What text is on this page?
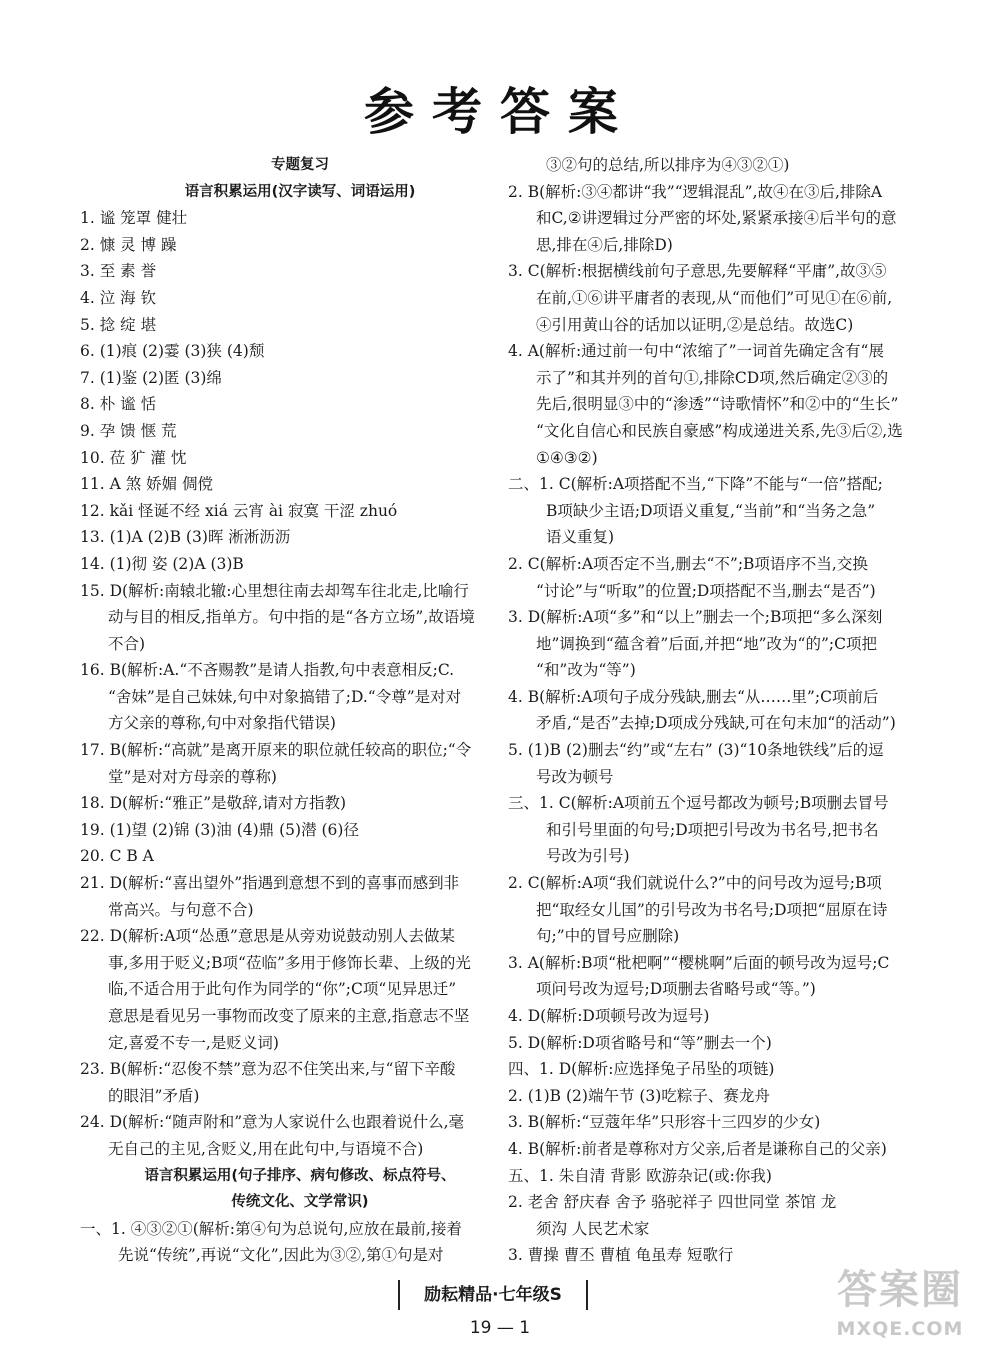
参考答案
专题复习
语言积累运用(汉字读写、词语运用)
1. 谧 笼罩 健壮
2. 慷 灵 博 躁
3. 至 素 誉
4. 泣 海 钦
5. 捻 绽 堪
6. (1)痕 (2)霎 (3)狭 (4)颓
7. (1)鉴 (2)匿 (3)绵
8. 朴 谧 恬
9. 孕 馈 惬 荒
10. 莅 犷 灌 忱
11. A 煞 娇媚 倜傥
12. kǎi 怪诞不经 xiá 云宵 ài 寂寞 干涩 zhuó
13. (1)A (2)B (3)晖 淅淅沥沥
14. (1)彻 姿 (2)A (3)B
15. D(解析:南辕北辙:心里想往南去却驾车往北走,比喻行
动与目的相反,指单方。句中指的是“各方立场”,故语境
不合)
16. B(解析:A.“不吝赐教”是请人指教,句中表意相反;C.
“舍妹”是自己妹妹,句中对象搞错了;D.“令尊”是对对
方父亲的尊称,句中对象指代错误)
17. B(解析:“高就”是离开原来的职位就任较高的职位;“令
堂”是对对方母亲的尊称)
18. D(解析:“雅正”是敬辞,请对方指教)
19. (1)望 (2)锦 (3)油 (4)鼎 (5)潜 (6)径
20. C B A
21. D(解析:“喜出望外”指遇到意想不到的喜事而感到非
常高兴。与句意不合)
22. D(解析:A项“怂恿”意思是从旁劝说鼓动别人去做某
事,多用于贬义;B项“莅临”多用于修饰长辈、上级的光
临,不适合用于此句作为同学的“你”;C项“见异思迁”
意思是看见另一事物而改变了原来的主意,指意志不坚
定,喜爱不专一,是贬义词)
23. B(解析:“忍俊不禁”意为忍不住笑出来,与“留下辛酸
的眼泪”矛盾)
24. D(解析:“随声附和”意为人家说什么也跟着说什么,毫
无自己的主见,含贬义,用在此句中,与语境不合)
语言积累运用(句子排序、病句修改、标点符号、
传统文化、文学常识)
一、1. ④③②①(解析:第④句为总说句,应放在最前,接着
先说“传统”,再说“文化”,因此为③②,第①句是对
③②句的总结,所以排序为④③②①)
2. B(解析:③④都讲“我”“逻辑混乱”,故④在③后,排除A
和C,②讲逻辑过分严密的坏处,紧紧承接④后半句的意
思,排在④后,排除D)
3. C(解析:根据横线前句子意思,先要解释“平庸”,故③⑤
在前,①⑥讲平庸者的表现,从“而他们”可见①在⑥前,
④引用黄山谷的话加以证明,②是总结。故选C)
4. A(解析:通过前一句中“浓缩了”一词首先确定含有“展
示了”和其并列的首句①,排除CD项,然后确定②③的
先后,很明显③中的“渗透”“诗歌情怀”和②中的“生长”
“文化自信心和民族自豪感”构成递进关系,先③后②,选
①④③②)
二、1. C(解析:A项搭配不当,“下降”不能与“一倍”搭配;
B项缺少主语;D项语义重复,“当前”和“当务之急”
语义重复)
2. C(解析:A项否定不当,删去“不”;B项语序不当,交换
“讨论”与“听取”的位置;D项搭配不当,删去“是否”)
3. D(解析:A项“多”和“以上”删去一个;B项把“多么深刻
地”调换到“蕴含着”后面,并把“地”改为“的”;C项把
“和”改为“等”)
4. B(解析:A项句子成分残缺,删去“从……里”;C项前后
矛盾,“是否”去掉;D项成分残缺,可在句末加“的活动”)
5. (1)B (2)删去“约”或“左右” (3)“10条地铁线”后的逗
号改为顿号
三、1. C(解析:A项前五个逗号都改为顿号;B项删去冒号
和引号里面的句号;D项把引号改为书名号,把书名
号改为引号)
2. C(解析:A项“我们就说什么?”中的问号改为逗号;B项
把“取经女儿国”的引号改为书名号;D项把“屈原在诗
句;”中的冒号应删除)
3. A(解析:B项“枇杷啊”“樱桃啊”后面的顿号改为逗号;C
项问号改为逗号;D项删去省略号或“等。”)
4. D(解析:D项顿号改为逗号)
5. D(解析:D项省略号和“等”删去一个)
四、1. D(解析:应选择兔子吊坠的项链)
2. (1)B (2)端午节 (3)吃粽子、赛龙舟
3. B(解析:“豆蔻年华”只形容十三四岁的少女)
4. B(解析:前者是尊称对方父亲,后者是谦称自己的父亲)
五、1. 朱自清 背影 欧游杂记(或:你我)
2. 老舍 舒庆春 舍予 骆驼祥子 四世同堂 茶馆 龙
须沟 人民艺术家
3. 曹操 曹丕 曹植 龟虽寿 短歌行
励耘精品·七年级S
19 — 1
答案圈
MXQE.COM
